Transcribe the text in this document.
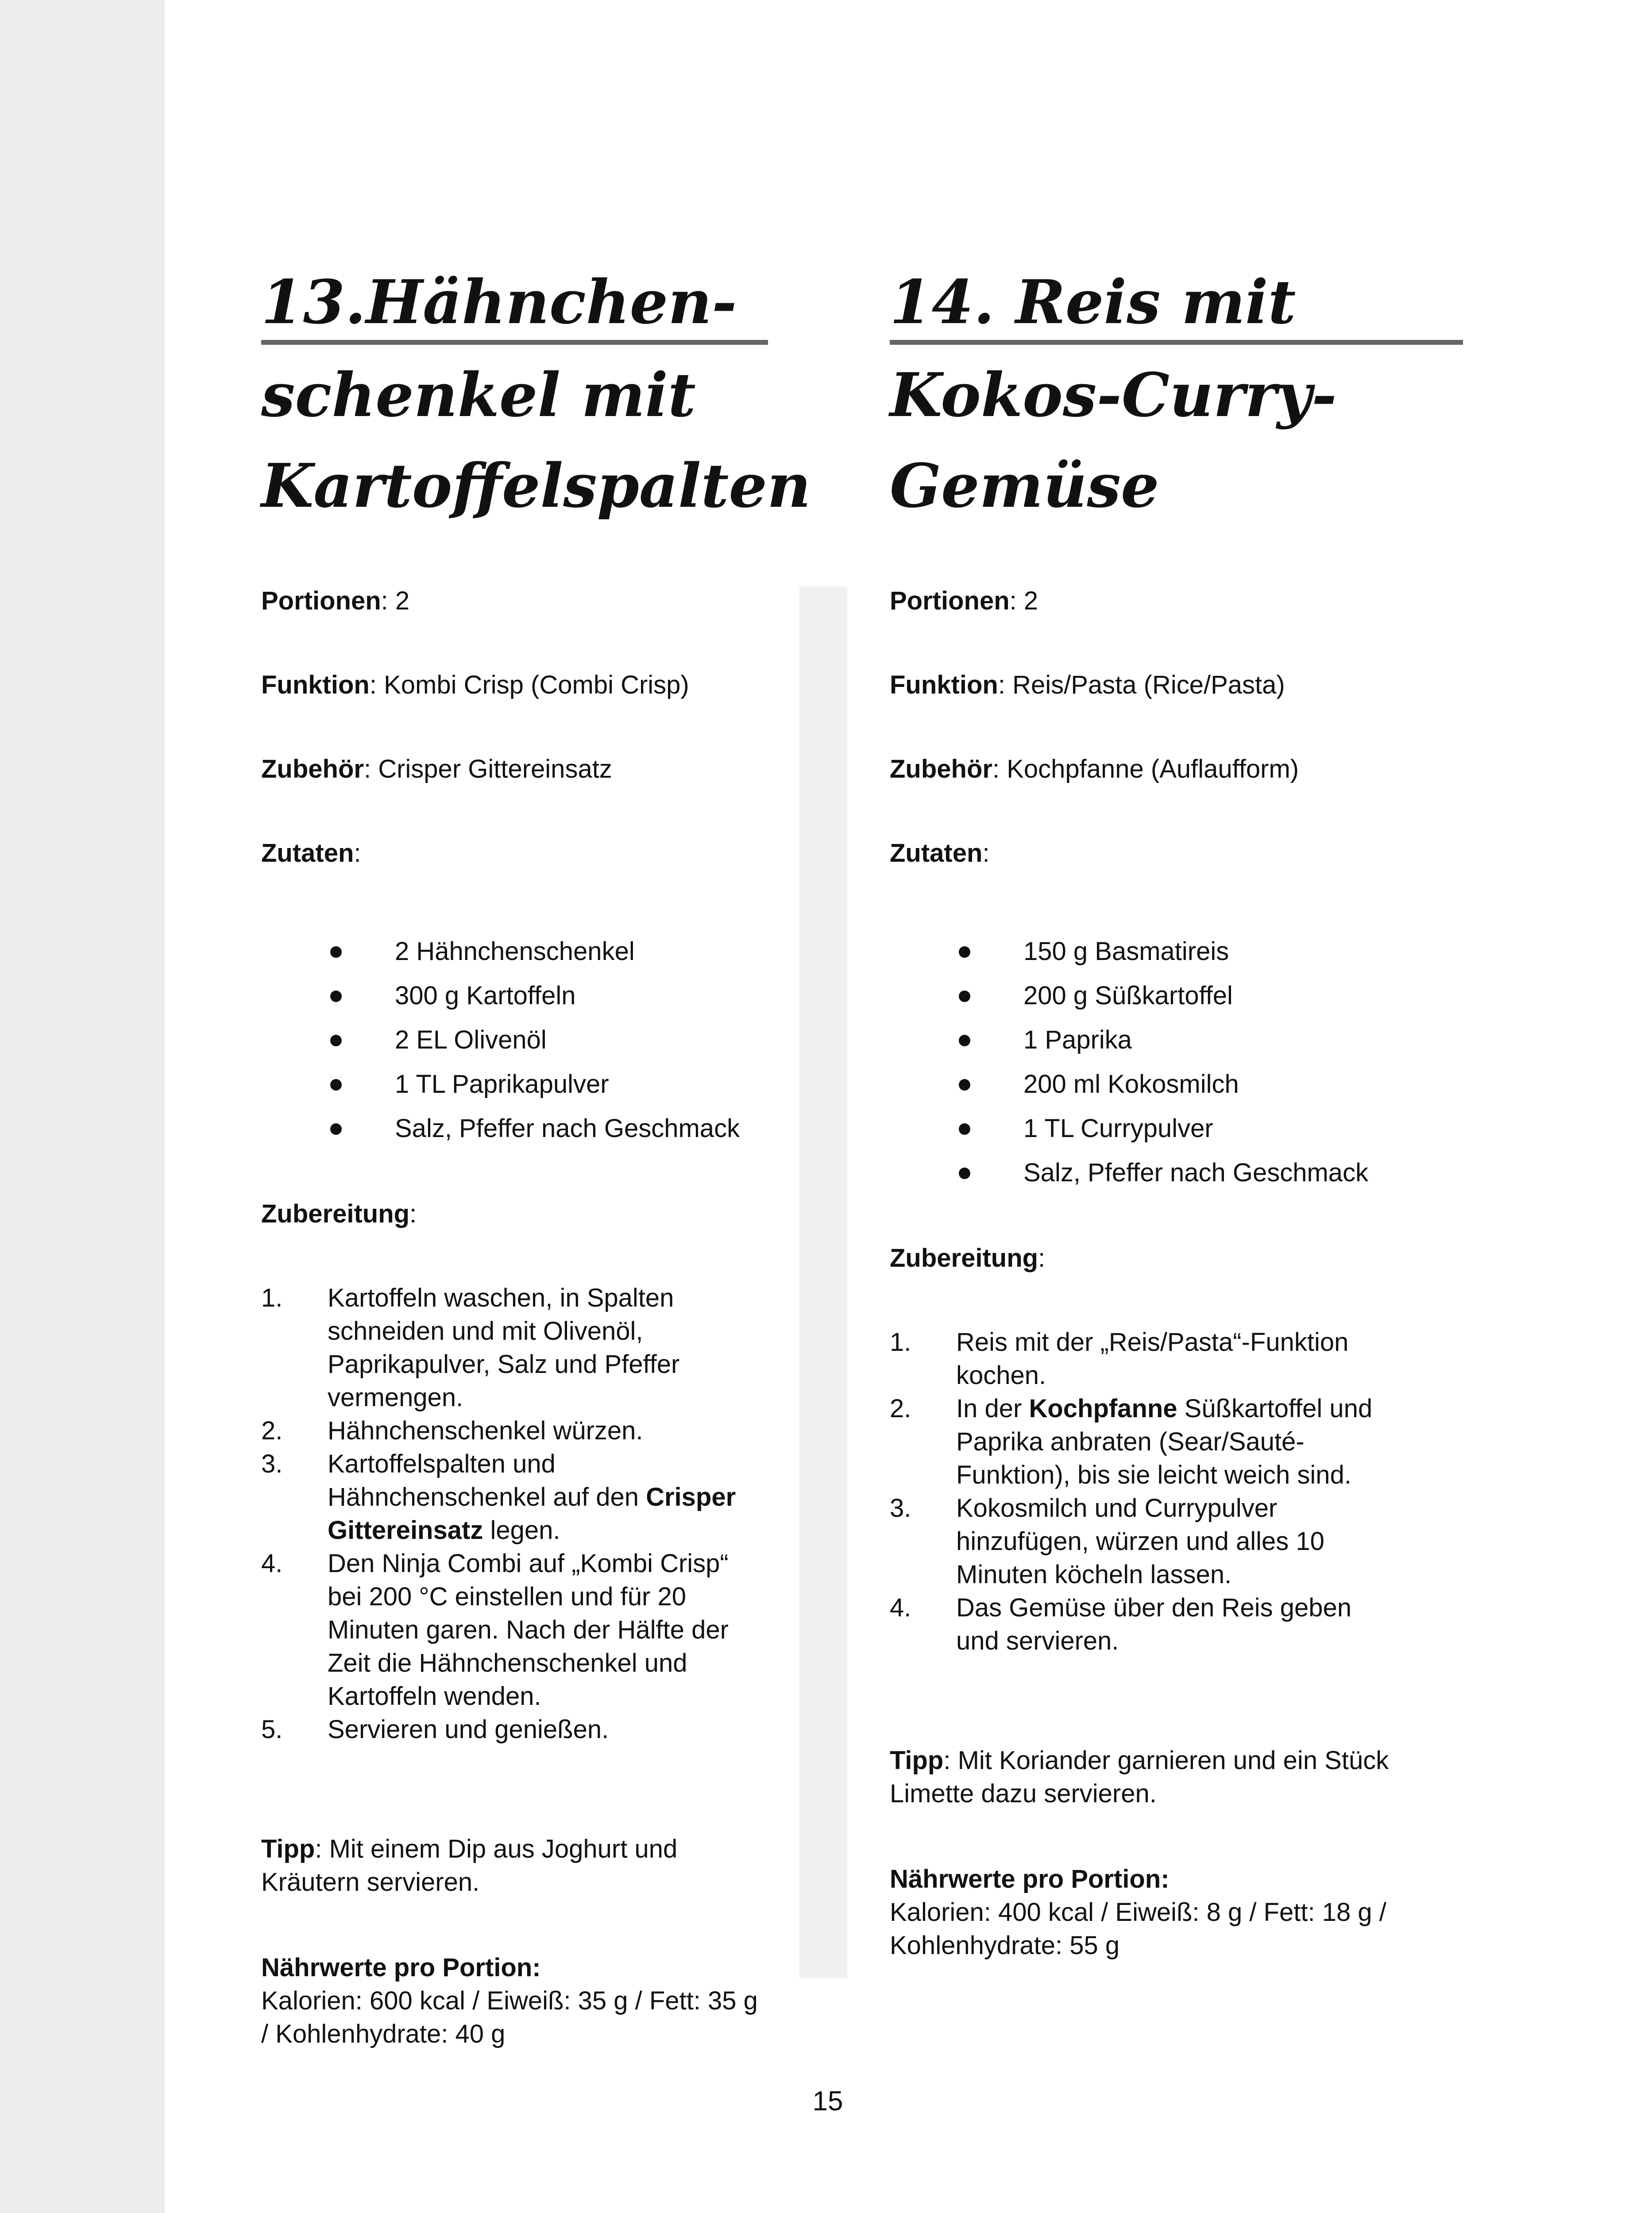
13.Hähnchen-
schenkel mit
Kartoffelspalten
Portionen: 2
Funktion: Kombi Crisp (Combi Crisp)
Zubehör: Crisper Gittereinsatz
Zutaten:
2 Hähnchenschenkel
300 g Kartoffeln
2 EL Olivenöl
1 TL Paprikapulver
Salz, Pfeffer nach Geschmack
Zubereitung:
1. Kartoffeln waschen, in Spalten schneiden und mit Olivenöl, Paprikapulver, Salz und Pfeffer vermengen.
2. Hähnchenschenkel würzen.
3. Kartoffelspalten und Hähnchenschenkel auf den Crisper Gittereinsatz legen.
4. Den Ninja Combi auf „Kombi Crisp“ bei 200 °C einstellen und für 20 Minuten garen. Nach der Hälfte der Zeit die Hähnchenschenkel und Kartoffeln wenden.
5. Servieren und genießen.
Tipp: Mit einem Dip aus Joghurt und Kräutern servieren.
Nährwerte pro Portion:
Kalorien: 600 kcal / Eiweiß: 35 g / Fett: 35 g / Kohlenhydrate: 40 g
14. Reis mit
Kokos-Curry-
Gemüse
Portionen: 2
Funktion: Reis/Pasta (Rice/Pasta)
Zubehör: Kochpfanne (Auflaufform)
Zutaten:
150 g Basmatireis
200 g Süßkartoffel
1 Paprika
200 ml Kokosmilch
1 TL Currypulver
Salz, Pfeffer nach Geschmack
Zubereitung:
1. Reis mit der „Reis/Pasta“-Funktion kochen.
2. In der Kochpfanne Süßkartoffel und Paprika anbraten (Sear/Sauté-Funktion), bis sie leicht weich sind.
3. Kokosmilch und Currypulver hinzufügen, würzen und alles 10 Minuten köcheln lassen.
4. Das Gemüse über den Reis geben und servieren.
Tipp: Mit Koriander garnieren und ein Stück Limette dazu servieren.
Nährwerte pro Portion:
Kalorien: 400 kcal / Eiweiß: 8 g / Fett: 18 g / Kohlenhydrate: 55 g
15
